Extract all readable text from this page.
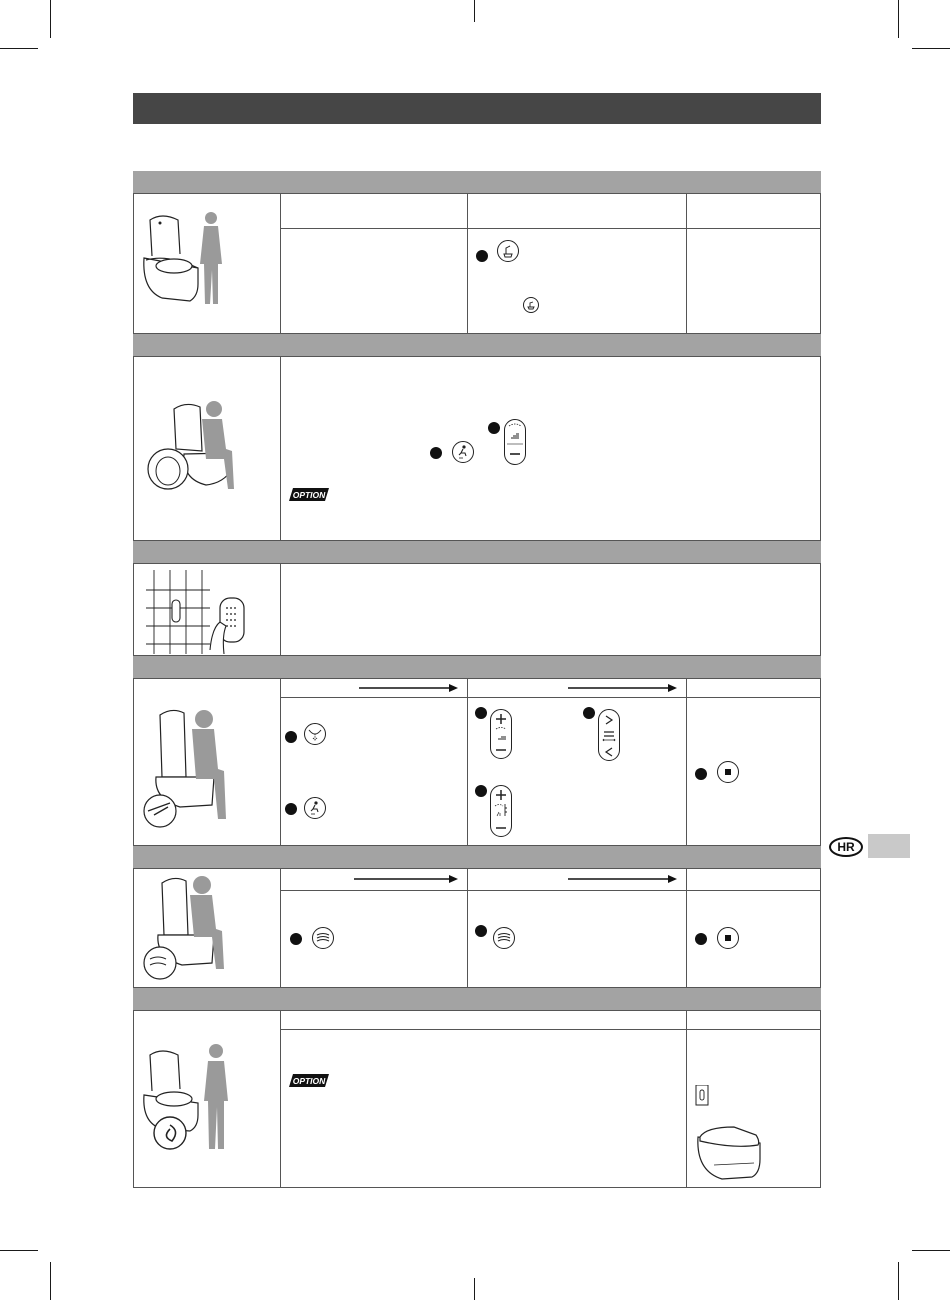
OPTION
OPTION
HR
